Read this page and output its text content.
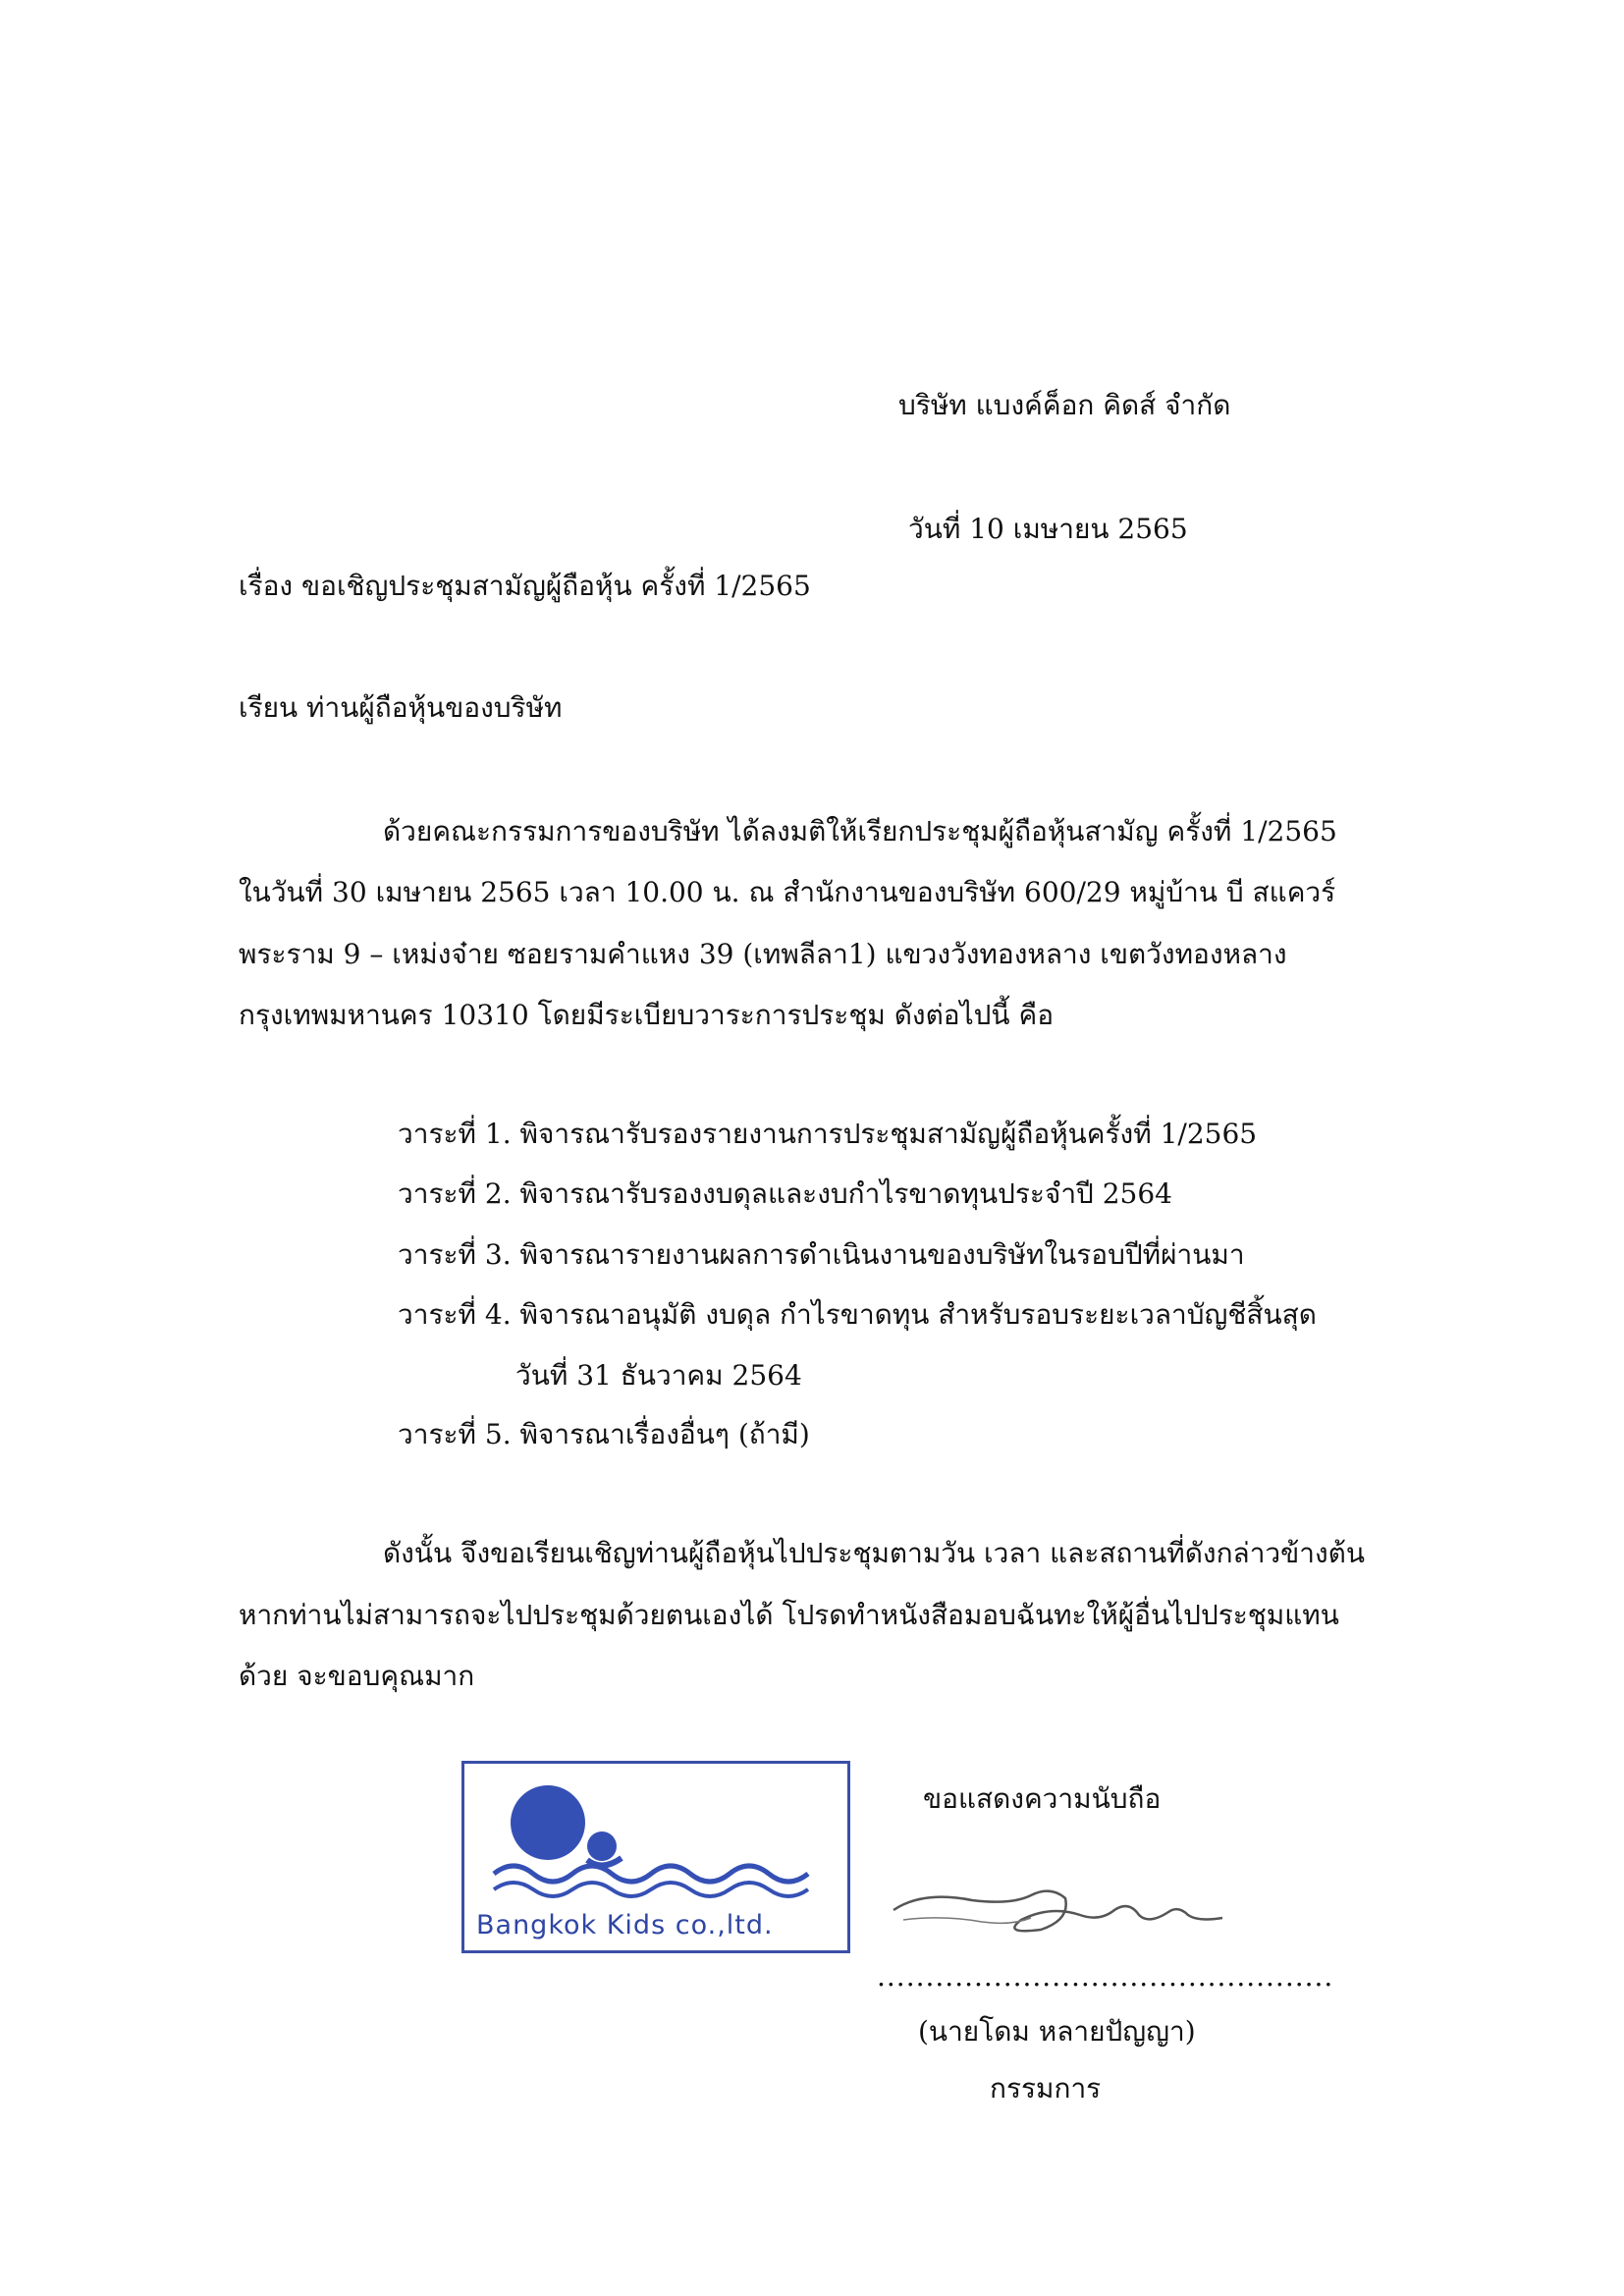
บริษัท แบงค์ค็อก คิดส์ จำกัด
วันที่ 10 เมษายน 2565
เรื่อง ขอเชิญประชุมสามัญผู้ถือหุ้น ครั้งที่ 1/2565
เรียน ท่านผู้ถือหุ้นของบริษัท

ด้วยคณะกรรมการของบริษัท ได้ลงมติให้เรียกประชุมผู้ถือหุ้นสามัญ ครั้งที่ 1/2565

ในวันที่ 30 เมษายน 2565 เวลา 10.00 น. ณ สำนักงานของบริษัท 600/29 หมู่บ้าน บี สแควร์

พระราม 9 – เหม่งจ๋าย ซอยรามคำแหง 39 (เทพลีลา1) แขวงวังทองหลาง เขตวังทองหลาง

กรุงเทพมหานคร 10310 โดยมีระเบียบวาระการประชุม ดังต่อไปนี้ คือ

วาระที่ 1. พิจารณารับรองรายงานการประชุมสามัญผู้ถือหุ้นครั้งที่ 1/2565
วาระที่ 2. พิจารณารับรองงบดุลและงบกำไรขาดทุนประจำปี 2564
วาระที่ 3. พิจารณารายงานผลการดำเนินงานของบริษัทในรอบปีที่ผ่านมา
วาระที่ 4. พิจารณาอนุมัติ งบดุล กำไรขาดทุน สำหรับรอบระยะเวลาบัญชีสิ้นสุด
วันที่ 31 ธันวาคม 2564
วาระที่ 5. พิจารณาเรื่องอื่นๆ (ถ้ามี)

ดังนั้น จึงขอเรียนเชิญท่านผู้ถือหุ้นไปประชุมตามวัน เวลา และสถานที่ดังกล่าวข้างต้น

หากท่านไม่สามารถจะไปประชุมด้วยตนเองได้ โปรดทำหนังสือมอบฉันทะให้ผู้อื่นไปประชุมแทน

ด้วย จะขอบคุณมาก

Bangkok Kids co.,ltd.
ขอแสดงความนับถือ
...............................................
(นายโดม หลายปัญญา)
กรรมการ
